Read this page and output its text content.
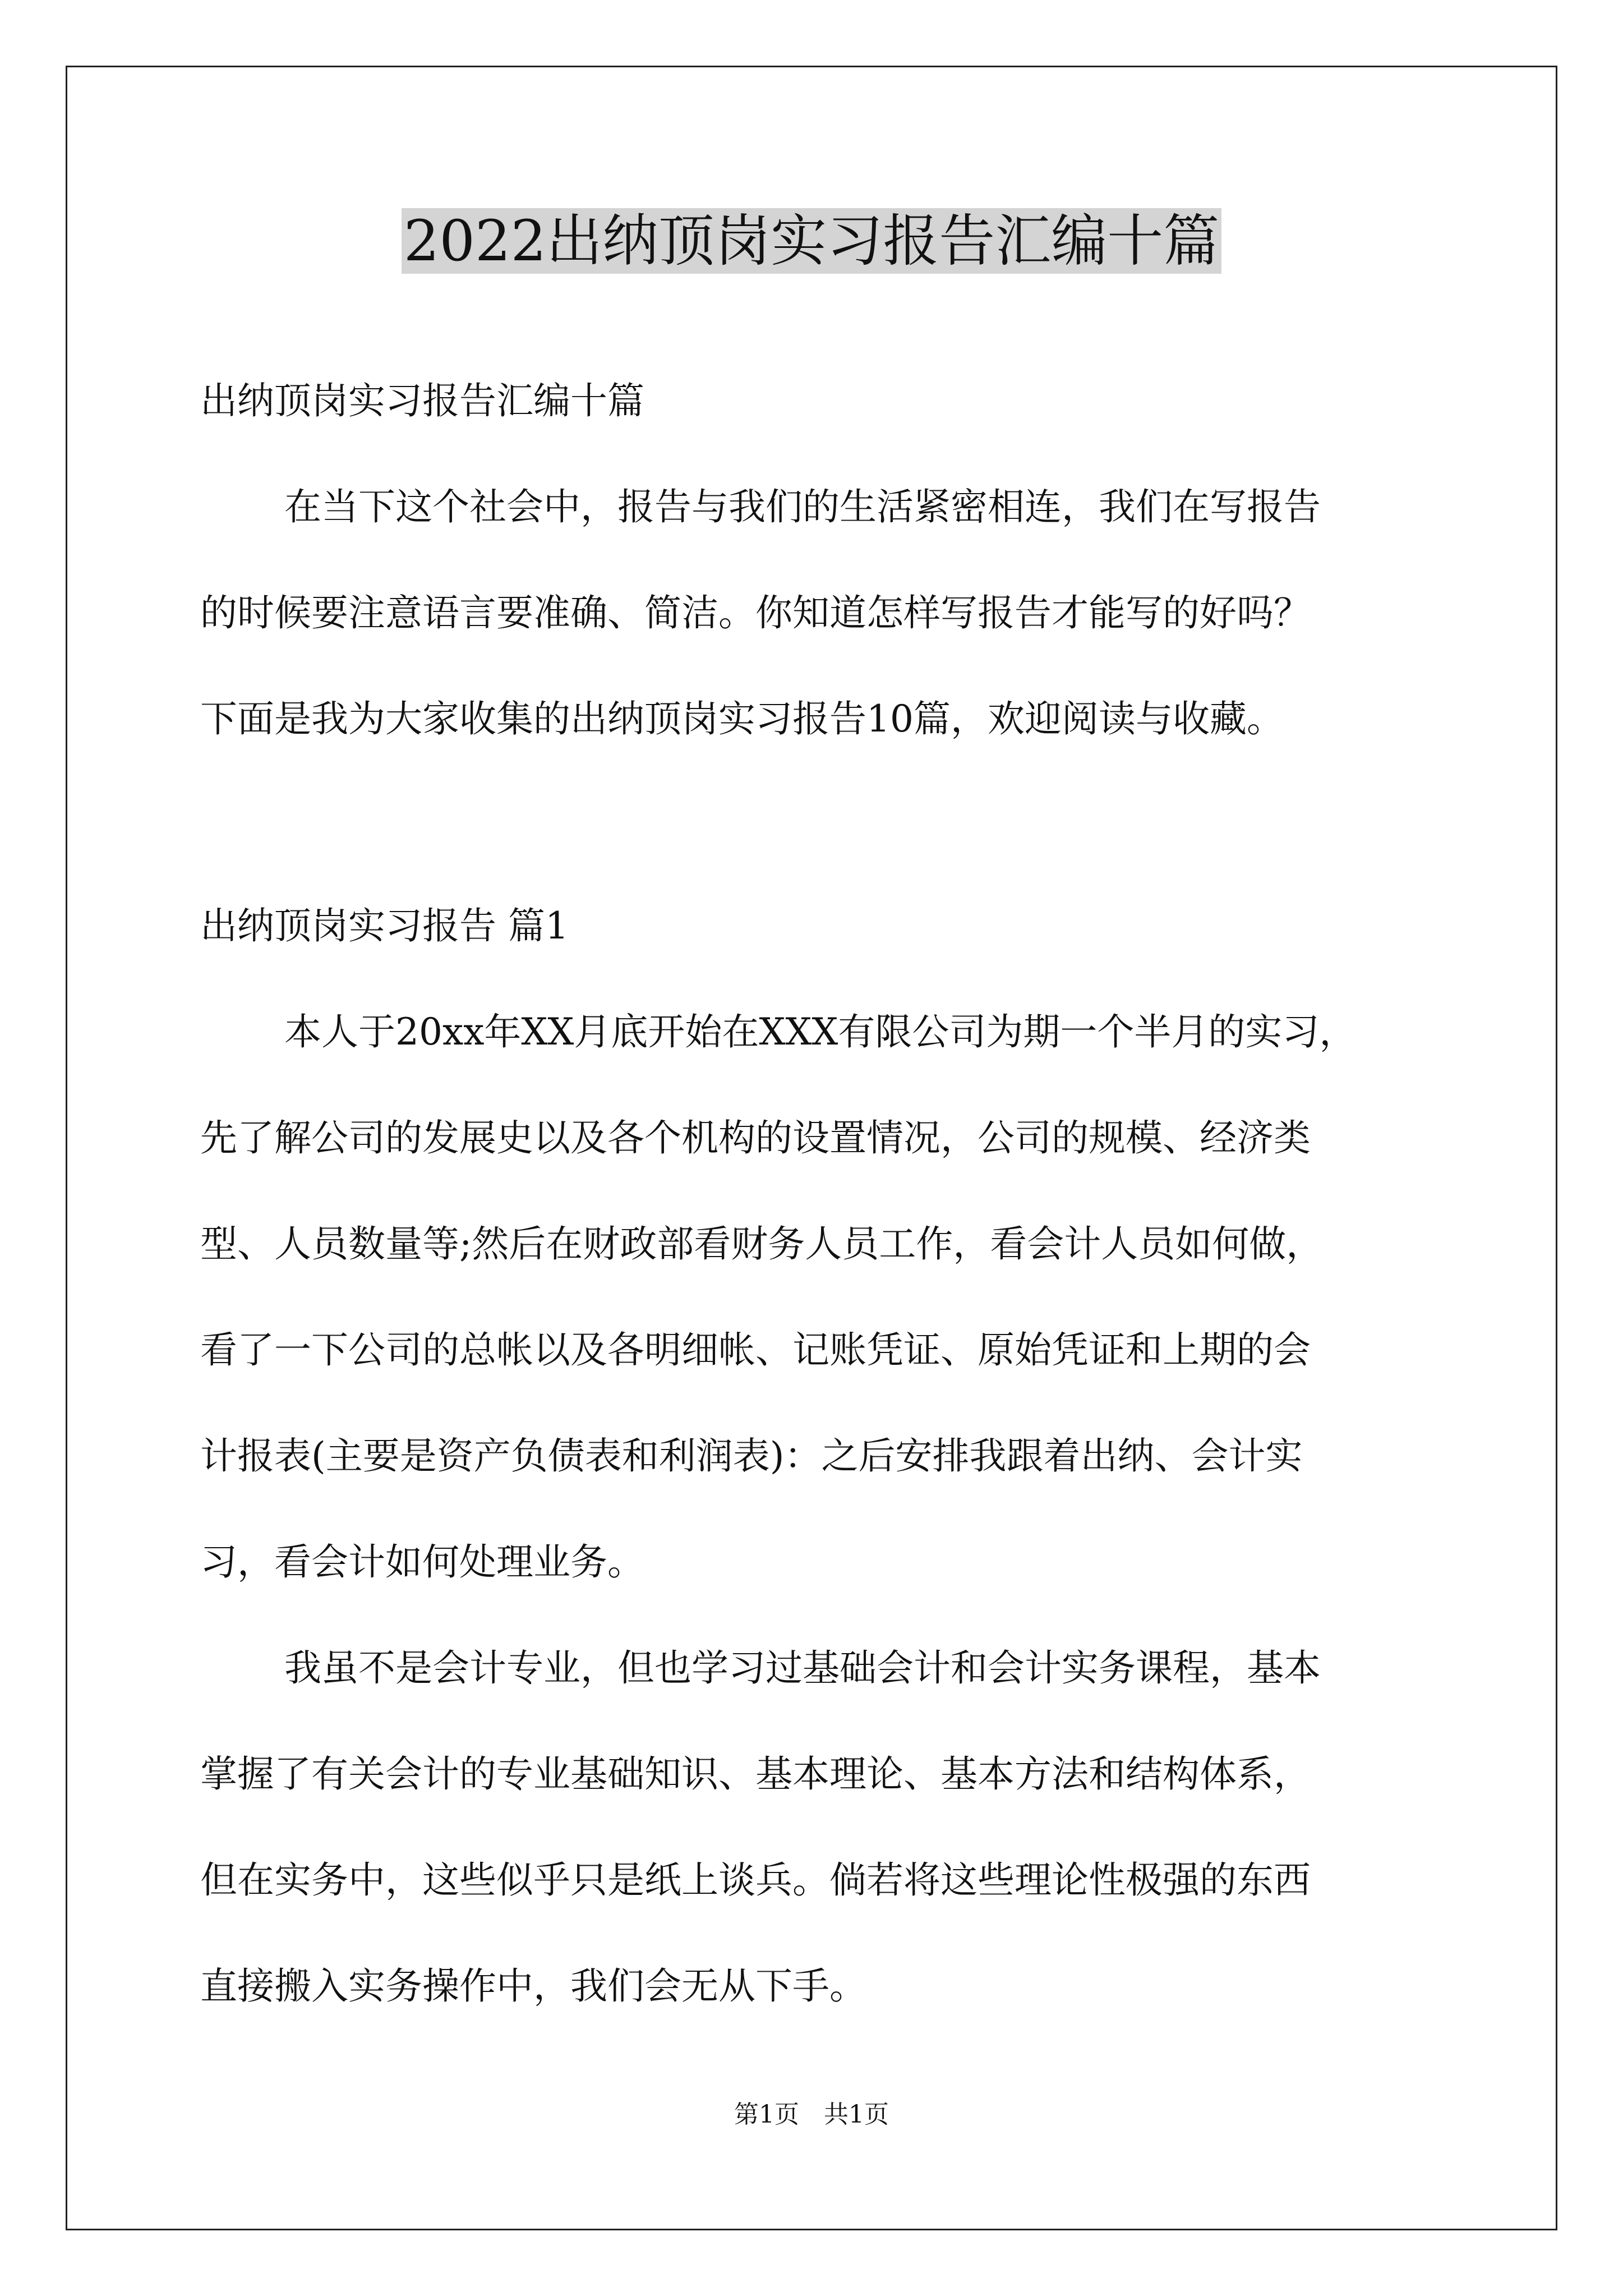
2022出纳顶岗实习报告汇编十篇
出纳顶岗实习报告汇编十篇
在当下这个社会中，报告与我们的生活紧密相连，我们在写报告
的时候要注意语言要准确、简洁。你知道怎样写报告才能写的好吗？
下面是我为大家收集的出纳顶岗实习报告10篇，欢迎阅读与收藏。
出纳顶岗实习报告 篇1
本人于20xx年XX月底开始在XXX有限公司为期一个半月的实习，
先了解公司的发展史以及各个机构的设置情况，公司的规模、经济类
型、人员数量等;然后在财政部看财务人员工作，看会计人员如何做，
看了一下公司的总帐以及各明细帐、记账凭证、原始凭证和上期的会
计报表(主要是资产负债表和利润表)：之后安排我跟着出纳、会计实
习，看会计如何处理业务。
我虽不是会计专业，但也学习过基础会计和会计实务课程，基本
掌握了有关会计的专业基础知识、基本理论、基本方法和结构体系，
但在实务中，这些似乎只是纸上谈兵。倘若将这些理论性极强的东西
直接搬入实务操作中，我们会无从下手。
第1页　共1页
